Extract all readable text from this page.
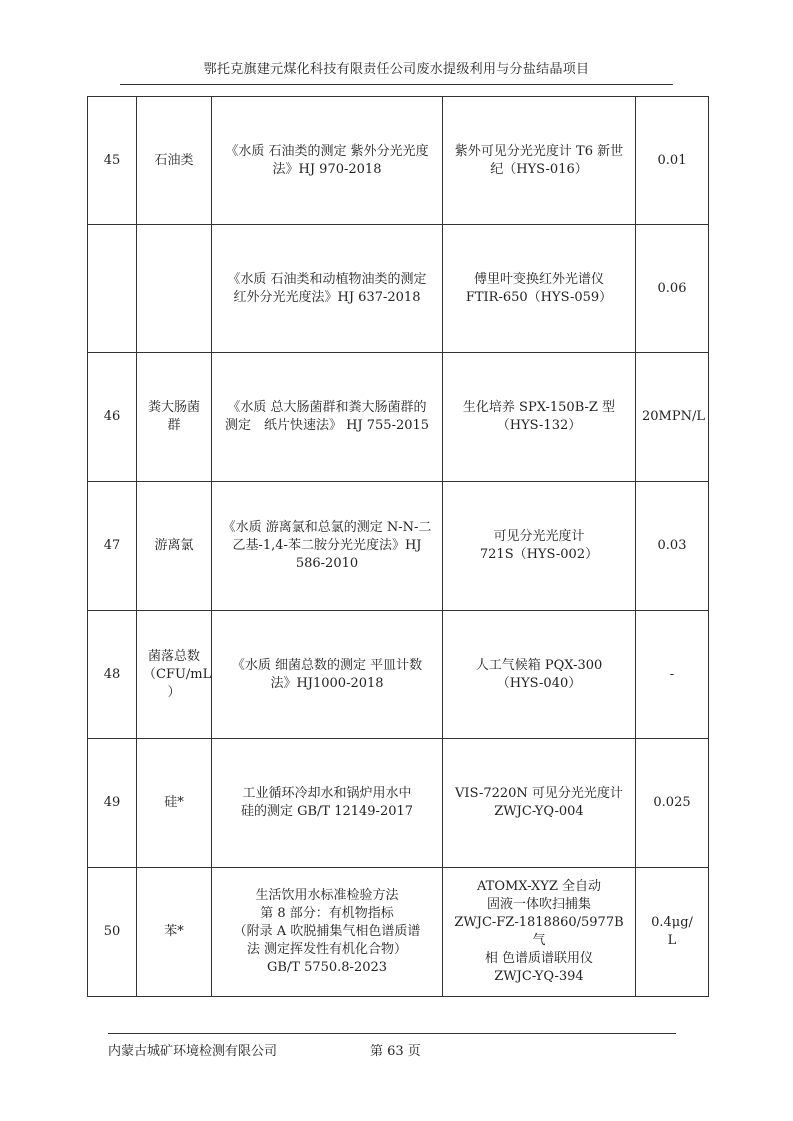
鄂托克旗建元煤化科技有限责任公司废水提级利用与分盐结晶项目
45	石油类	《水质 石油类的测定 紫外分光光度
法》HJ 970-2018	紫外可见分光光度计 T6 新世
纪（HYS-016）	0.01

		《水质 石油类和动植物油类的测定
红外分光光度法》HJ 637-2018	傅里叶变换红外光谱仪
FTIR-650（HYS-059）	0.06

46	粪大肠菌
群	《水质 总大肠菌群和粪大肠菌群的
测定　纸片快速法》 HJ 755-2015	生化培养 SPX-150B-Z 型
（HYS-132）	20MPN/L

47	游离氯	《水质 游离氯和总氯的测定 N-N-二
乙基-1,4-苯二胺分光光度法》HJ
586-2010	可见分光光度计
721S（HYS-002）	0.03

48	菌落总数
（CFU/mL
）	《水质 细菌总数的测定 平皿计数
法》HJ1000-2018	人工气候箱 PQX-300
（HYS-040）	-

49	硅*	工业循环冷却水和锅炉用水中
硅的测定 GB/T 12149-2017	VIS-7220N 可见分光光度计
ZWJC-YQ-004	0.025

50	苯*	生活饮用水标准检验方法
第 8 部分：有机物指标
（附录 A 吹脱捕集气相色谱质谱
法 测定挥发性有机化合物）
GB/T 5750.8-2023	ATOMX-XYZ 全自动
固液一体吹扫捕集
ZWJC-FZ-1818860/5977B 气
相 色谱质谱联用仪
ZWJC-YQ-394	0.4μg/
L
内蒙古城矿环境检测有限公司	第 63 页
